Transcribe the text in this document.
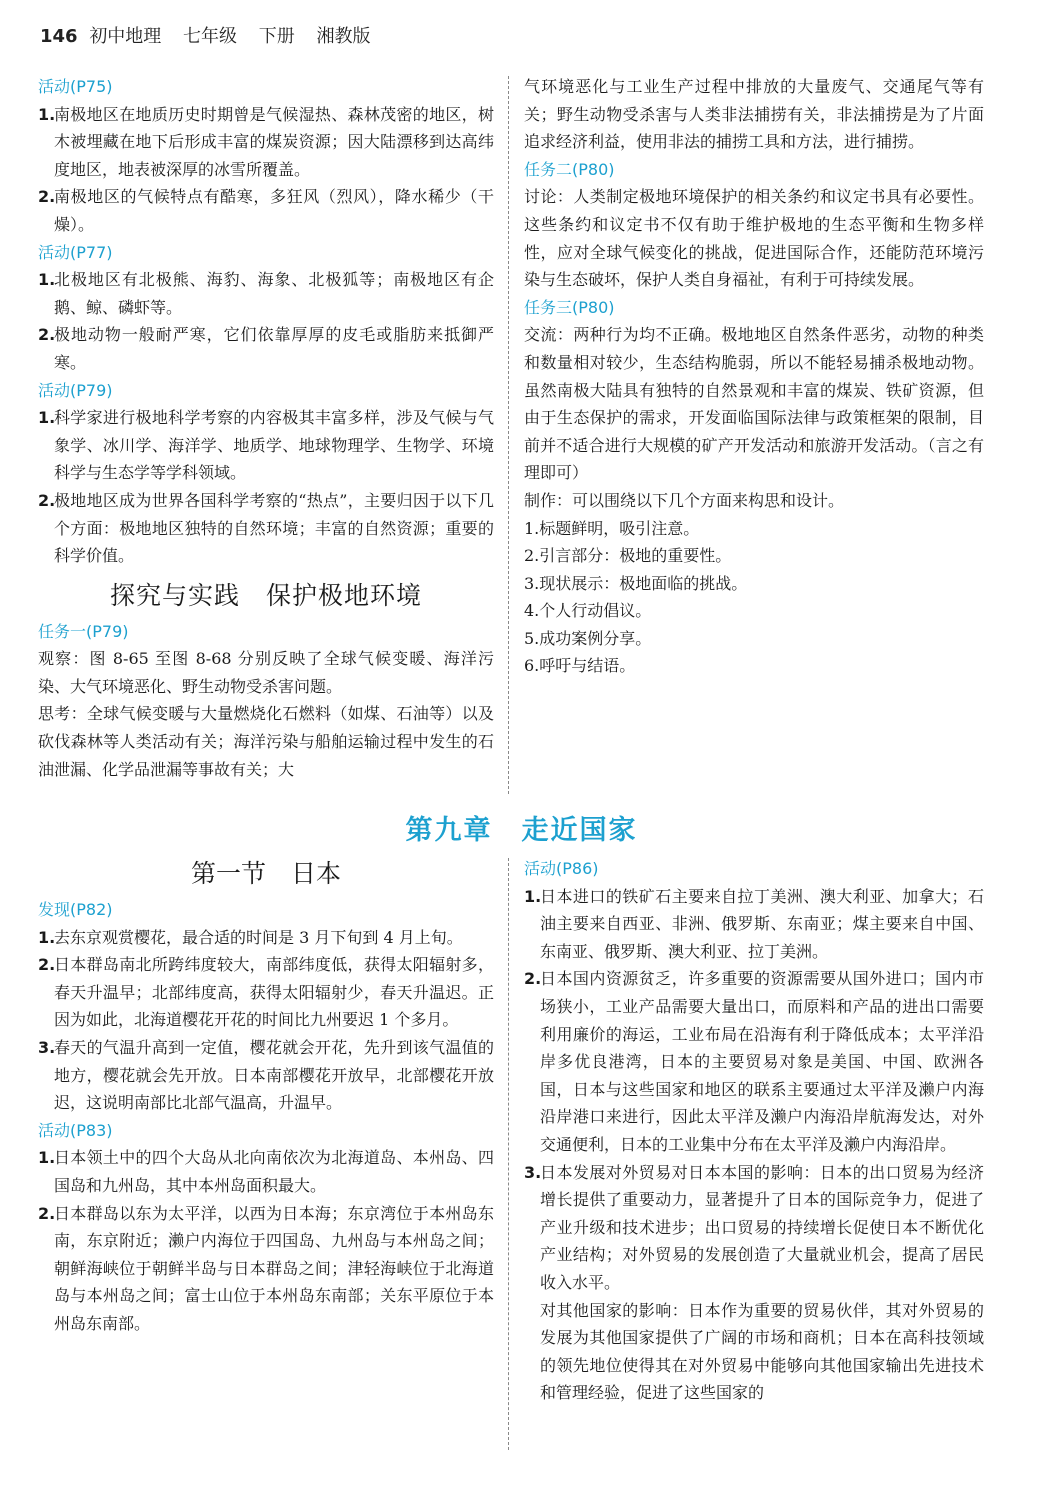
146 初中地理 七年级 下册 湘教版
活动(P75)
1.
南极地区在地质历史时期曾是气候湿热、森林茂密的地区，树木被埋藏在地下后形成丰富的煤炭资源；因大陆漂移到达高纬度地区，地表被深厚的冰雪所覆盖。
2.
南极地区的气候特点有酷寒，多狂风（烈风），降水稀少（干燥）。
活动(P77)
1.
北极地区有北极熊、海豹、海象、北极狐等；南极地区有企鹅、鲸、磷虾等。
2.
极地动物一般耐严寒，它们依靠厚厚的皮毛或脂肪来抵御严寒。
活动(P79)
1.
科学家进行极地科学考察的内容极其丰富多样，涉及气候与气象学、冰川学、海洋学、地质学、地球物理学、生物学、环境科学与生态学等学科领域。
2.
极地地区成为世界各国科学考察的“热点”，主要归因于以下几个方面：极地地区独特的自然环境；丰富的自然资源；重要的科学价值。
探究与实践　保护极地环境
任务一(P79)

观察：图 8-65 至图 8-68 分别反映了全球气候变暖、海洋污染、大气环境恶化、野生动物受杀害问题。

思考：全球气候变暖与大量燃烧化石燃料（如煤、石油等）以及砍伐森林等人类活动有关；海洋污染与船舶运输过程中发生的石油泄漏、化学品泄漏等事故有关；大

气环境恶化与工业生产过程中排放的大量废气、交通尾气等有关；野生动物受杀害与人类非法捕捞有关，非法捕捞是为了片面追求经济利益，使用非法的捕捞工具和方法，进行捕捞。

任务二(P80)

讨论：人类制定极地环境保护的相关条约和议定书具有必要性。这些条约和议定书不仅有助于维护极地的生态平衡和生物多样性，应对全球气候变化的挑战，促进国际合作，还能防范环境污染与生态破坏，保护人类自身福祉，有利于可持续发展。

任务三(P80)

交流：两种行为均不正确。极地地区自然条件恶劣，动物的种类和数量相对较少，生态结构脆弱，所以不能轻易捕杀极地动物。虽然南极大陆具有独特的自然景观和丰富的煤炭、铁矿资源，但由于生态保护的需求，开发面临国际法律与政策框架的限制，目前并不适合进行大规模的矿产开发活动和旅游开发活动。（言之有理即可）

制作：可以围绕以下几个方面来构思和设计。

1.标题鲜明，吸引注意。

2.引言部分：极地的重要性。

3.现状展示：极地面临的挑战。

4.个人行动倡议。

5.成功案例分享。

6.呼吁与结语。

第九章　走近国家
第一节　日本
发现(P82)
1.
去东京观赏樱花，最合适的时间是 3 月下旬到 4 月上旬。
2.
日本群岛南北所跨纬度较大，南部纬度低，获得太阳辐射多，春天升温早；北部纬度高，获得太阳辐射少，春天升温迟。正因为如此，北海道樱花开花的时间比九州要迟 1 个多月。
3.
春天的气温升高到一定值，樱花就会开花，先升到该气温值的地方，樱花就会先开放。日本南部樱花开放早，北部樱花开放迟，这说明南部比北部气温高，升温早。
活动(P83)
1.
日本领土中的四个大岛从北向南依次为北海道岛、本州岛、四国岛和九州岛，其中本州岛面积最大。
2.
日本群岛以东为太平洋，以西为日本海；东京湾位于本州岛东南，东京附近；濑户内海位于四国岛、九州岛与本州岛之间；朝鲜海峡位于朝鲜半岛与日本群岛之间；津轻海峡位于北海道岛与本州岛之间；富士山位于本州岛东南部；关东平原位于本州岛东南部。
活动(P86)
1.
日本进口的铁矿石主要来自拉丁美洲、澳大利亚、加拿大；石油主要来自西亚、非洲、俄罗斯、东南亚；煤主要来自中国、东南亚、俄罗斯、澳大利亚、拉丁美洲。
2.
日本国内资源贫乏，许多重要的资源需要从国外进口；国内市场狭小，工业产品需要大量出口，而原料和产品的进出口需要利用廉价的海运，工业布局在沿海有利于降低成本；太平洋沿岸多优良港湾，日本的主要贸易对象是美国、中国、欧洲各国，日本与这些国家和地区的联系主要通过太平洋及濑户内海沿岸港口来进行，因此太平洋及濑户内海沿岸航海发达，对外交通便利，日本的工业集中分布在太平洋及濑户内海沿岸。
3.
日本发展对外贸易对日本本国的影响：日本的出口贸易为经济增长提供了重要动力，显著提升了日本的国际竞争力，促进了产业升级和技术进步；出口贸易的持续增长促使日本不断优化产业结构；对外贸易的发展创造了大量就业机会，提高了居民收入水平。

对其他国家的影响：日本作为重要的贸易伙伴，其对外贸易的发展为其他国家提供了广阔的市场和商机；日本在高科技领域的领先地位使得其在对外贸易中能够向其他国家输出先进技术和管理经验，促进了这些国家的
